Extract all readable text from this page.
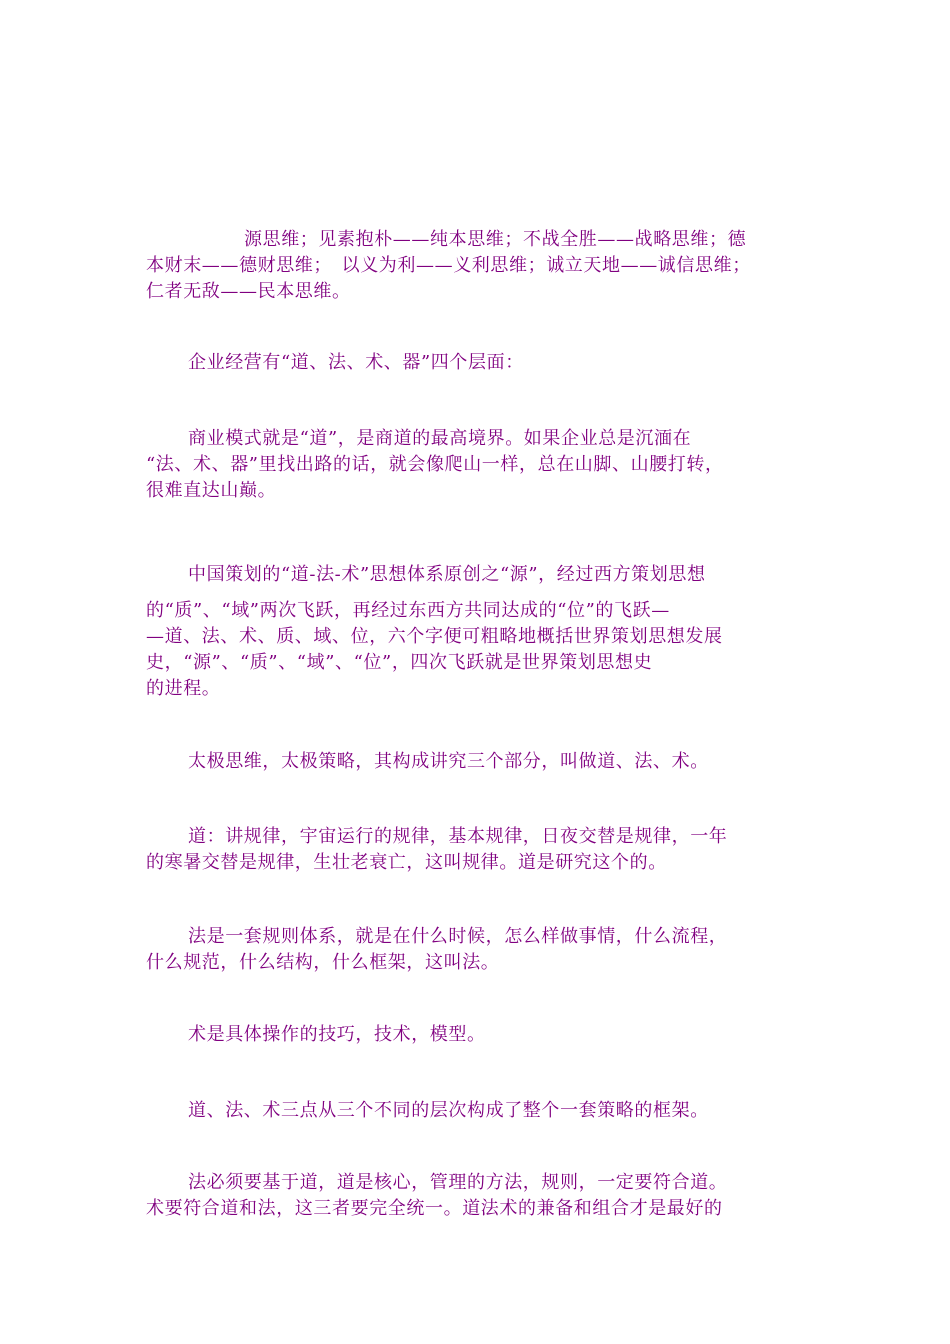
源思维；见素抱朴——纯本思维；不战全胜——战略思维；德
本财末——德财思维；　以义为利——义利思维；诚立天地——诚信思维；
仁者无敌——民本思维。
企业经营有“道、法、术、器”四个层面：
商业模式就是“道”，是商道的最高境界。如果企业总是沉湎在
“法、术、器”里找出路的话，就会像爬山一样，总在山脚、山腰打转，
很难直达山巅。
中国策划的“道-法-术”思想体系原创之“源”，经过西方策划思想
的“质”、“域”两次飞跃，再经过东西方共同达成的“位”的飞跃—
—道、法、术、质、域、位，六个字便可粗略地概括世界策划思想发展
史，“源”、“质”、“域”、“位”，四次飞跃就是世界策划思想史
的进程。
太极思维，太极策略，其构成讲究三个部分，叫做道、法、术。
道：讲规律，宇宙运行的规律，基本规律，日夜交替是规律，一年
的寒暑交替是规律，生壮老衰亡，这叫规律。道是研究这个的。
法是一套规则体系，就是在什么时候，怎么样做事情，什么流程，
什么规范，什么结构，什么框架，这叫法。
术是具体操作的技巧，技术，模型。
道、法、术三点从三个不同的层次构成了整个一套策略的框架。
法必须要基于道，道是核心，管理的方法，规则，一定要符合道。
术要符合道和法，这三者要完全统一。道法术的兼备和组合才是最好的
